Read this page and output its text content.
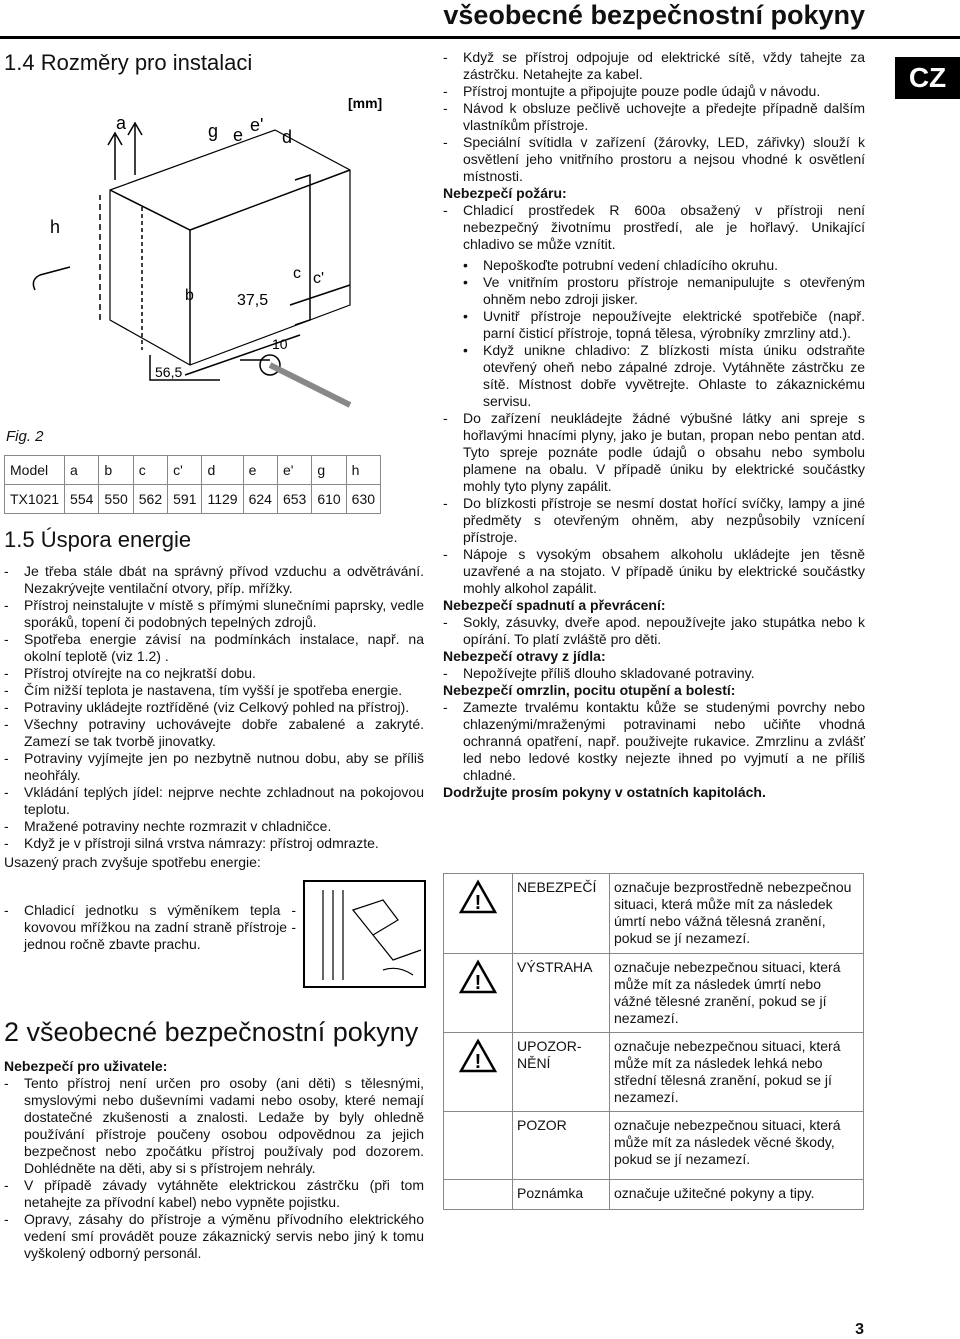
všeobecné bezpečnostní pokyny
CZ
1.4 Rozměry pro instalaci
a	g e e'
d
h
b	37,5
c c'
10
56,5
[mm]
Fig. 2
Model	a	b	c	c'	d	e	e'	g	h
TX1021	554	550	562	591	1129	624	653	610	630
1.5 Úspora energie

- Je třeba stále dbát na správný přívod vzduchu a odvětrávání. Nezakrývejte ventilační otvory, příp. mřížky.

- Přístroj neinstalujte v místě s přímými slunečními paprsky, vedle sporáků, topení či podobných tepelných zdrojů.

- Spotřeba energie závisí na podmínkách instalace, např. na okolní teplotě (viz 1.2) .

- Přístroj otvírejte na co nejkratší dobu.

- Čím nižší teplota je nastavena, tím vyšší je spotřeba energie.

- Potraviny ukládejte roztříděné (viz Celkový pohled na přístroj).

- Všechny potraviny uchovávejte dobře zabalené a zakryté. Zamezí se tak tvorbě jinovatky.

- Potraviny vyjímejte jen po nezbytně nutnou dobu, aby se příliš neohřály.

- Vkládání teplých jídel: nejprve nechte zchladnout na pokojovou teplotu.

- Mražené potraviny nechte rozmrazit v chladničce.

- Když je v přístroji silná vrstva námrazy: přístroj odmrazte.

Usazený prach zvyšuje spotřebu energie:

- Chladicí jednotku s výměníkem tepla - kovovou mřížkou na zadní straně přístroje - jednou ročně zbavte prachu.

2 všeobecné bezpečnostní pokyny

Nebezpečí pro uživatele:

- Tento přístroj není určen pro osoby (ani děti) s tělesnými, smyslovými nebo duševními vadami nebo osoby, které nemají dostatečné zkušenosti a znalosti. Ledaže by byly ohledně používání přístroje poučeny osobou odpovědnou za jejich bezpečnost nebo zpočátku přístroj používaly pod dozorem. Dohlédněte na děti, aby si s přístrojem nehrály.

- V případě závady vytáhněte elektrickou zástrčku (při tom netahejte za přívodní kabel) nebo vypněte pojistku.

- Opravy, zásahy do přístroje a výměnu přívodního elektrického vedení smí provádět pouze zákaznický servis nebo jiný k tomu vyškolený odborný personál.

- Když se přístroj odpojuje od elektrické sítě, vždy tahejte za zástrčku. Netahejte za kabel.

- Přístroj montujte a připojujte pouze podle údajů v návodu.

- Návod k obsluze pečlivě uchovejte a předejte případně dalším vlastníkům přístroje.

- Speciální svítidla v zařízení (žárovky, LED, zářivky) slouží k osvětlení jeho vnitřního prostoru a nejsou vhodné k osvětlení místnosti.

Nebezpečí požáru:

- Chladicí prostředek R 600a obsažený v přístroji není nebezpečný životnímu prostředí, ale je hořlavý. Unikající chladivo se může vznítit.

• Nepoškoďte potrubní vedení chladícího okruhu.

• Ve vnitřním prostoru přístroje nemanipulujte s otevřeným ohněm nebo zdroji jisker.

• Uvnitř přístroje nepoužívejte elektrické spotřebiče (např. parní čisticí přístroje, topná tělesa, výrobníky zmrzliny atd.).

• Když unikne chladivo: Z blízkosti místa úniku odstraňte otevřený oheň nebo zápalné zdroje. Vytáhněte zástrčku ze sítě. Místnost dobře vyvětrejte. Ohlaste to zákaznickému servisu.

- Do zařízení neukládejte žádné výbušné látky ani spreje s hořlavými hnacími plyny, jako je butan, propan nebo pentan atd. Tyto spreje poznáte podle údajů o obsahu nebo symbolu plamene na obalu. V případě úniku by elektrické součástky mohly tyto plyny zapálit.

- Do blízkosti přístroje se nesmí dostat hořící svíčky, lampy a jiné předměty s otevřeným ohněm, aby nezpůsobily vznícení přístroje.

- Nápoje s vysokým obsahem alkoholu ukládejte jen těsně uzavřené a na stojato. V případě úniku by elektrické součástky mohly alkohol zapálit.

Nebezpečí spadnutí a převrácení:

- Sokly, zásuvky, dveře apod. nepoužívejte jako stupátka nebo k opírání. To platí zvláště pro děti.

Nebezpečí otravy z jídla:

- Nepožívejte příliš dlouho skladované potraviny.

Nebezpečí omrzlin, pocitu otupění a bolestí:

- Zamezte trvalému kontaktu kůže se studenými povrchy nebo chlazenými/mraženými potravinami nebo učiňte vhodná ochranná opatření, např. použivejte rukavice. Zmrzlinu a zvlášť led nebo ledové kostky nejezte ihned po vyjmutí a ne příliš chladné.

Dodržujte prosím pokyny v ostatních kapitolách.

!	NEBEZPEČÍ	označuje bezprostředně nebezpečnou situaci, která může mít za následek úmrtí nebo vážná tělesná zranění, pokud se jí nezamezí.

!	VÝSTRAHA	označuje nebezpečnou situaci, která může mít za následek úmrtí nebo vážné tělesné zranění, pokud se jí nezamezí.

!	UPOZOR-
NĚNÍ	označuje nebezpečnou situaci, která může mít za následek lehká nebo střední tělesná zranění, pokud se jí nezamezí.
	POZOR	označuje nebezpečnou situaci, která může mít za následek věcné škody, pokud se jí nezamezí.
	Poznámka	označuje užitečné pokyny a tipy.
3
